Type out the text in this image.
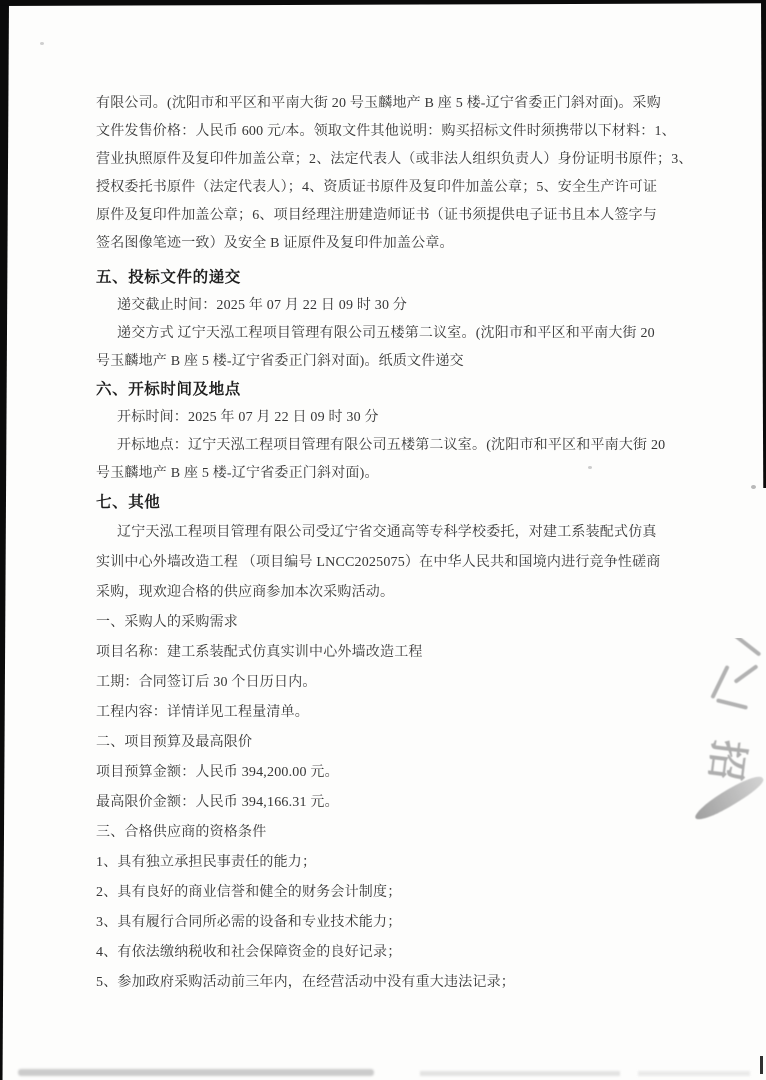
招
有限公司。(沈阳市和平区和平南大街 20 号玉麟地产 B 座 5 楼-辽宁省委正门斜对面)。采购
文件发售价格：人民币 600 元/本。领取文件其他说明：购买招标文件时须携带以下材料：1、
营业执照原件及复印件加盖公章；2、法定代表人（或非法人组织负责人）身份证明书原件；3、
授权委托书原件（法定代表人）；4、资质证书原件及复印件加盖公章；5、安全生产许可证
原件及复印件加盖公章；6、项目经理注册建造师证书（证书须提供电子证书且本人签字与
签名图像笔迹一致）及安全 B 证原件及复印件加盖公章。
五、投标文件的递交
递交截止时间：2025 年 07 月 22 日 09 时 30 分
递交方式 辽宁天泓工程项目管理有限公司五楼第二议室。(沈阳市和平区和平南大街 20
号玉麟地产 B 座 5 楼-辽宁省委正门斜对面)。纸质文件递交
六、开标时间及地点
开标时间：2025 年 07 月 22 日 09 时 30 分
开标地点：辽宁天泓工程项目管理有限公司五楼第二议室。(沈阳市和平区和平南大街 20
号玉麟地产 B 座 5 楼-辽宁省委正门斜对面)。
七、其他
辽宁天泓工程项目管理有限公司受辽宁省交通高等专科学校委托，对建工系装配式仿真
实训中心外墙改造工程 （项目编号 LNCC2025075）在中华人民共和国境内进行竞争性磋商
采购，现欢迎合格的供应商参加本次采购活动。
一、采购人的采购需求
项目名称：建工系装配式仿真实训中心外墙改造工程
工期：合同签订后 30 个日历日内。
工程内容：详情详见工程量清单。
二、项目预算及最高限价
项目预算金额：人民币 394,200.00 元。
最高限价金额：人民币 394,166.31 元。
三、合格供应商的资格条件
1、具有独立承担民事责任的能力；
2、具有良好的商业信誉和健全的财务会计制度；
3、具有履行合同所必需的设备和专业技术能力；
4、有依法缴纳税收和社会保障资金的良好记录；
5、参加政府采购活动前三年内，在经营活动中没有重大违法记录；
